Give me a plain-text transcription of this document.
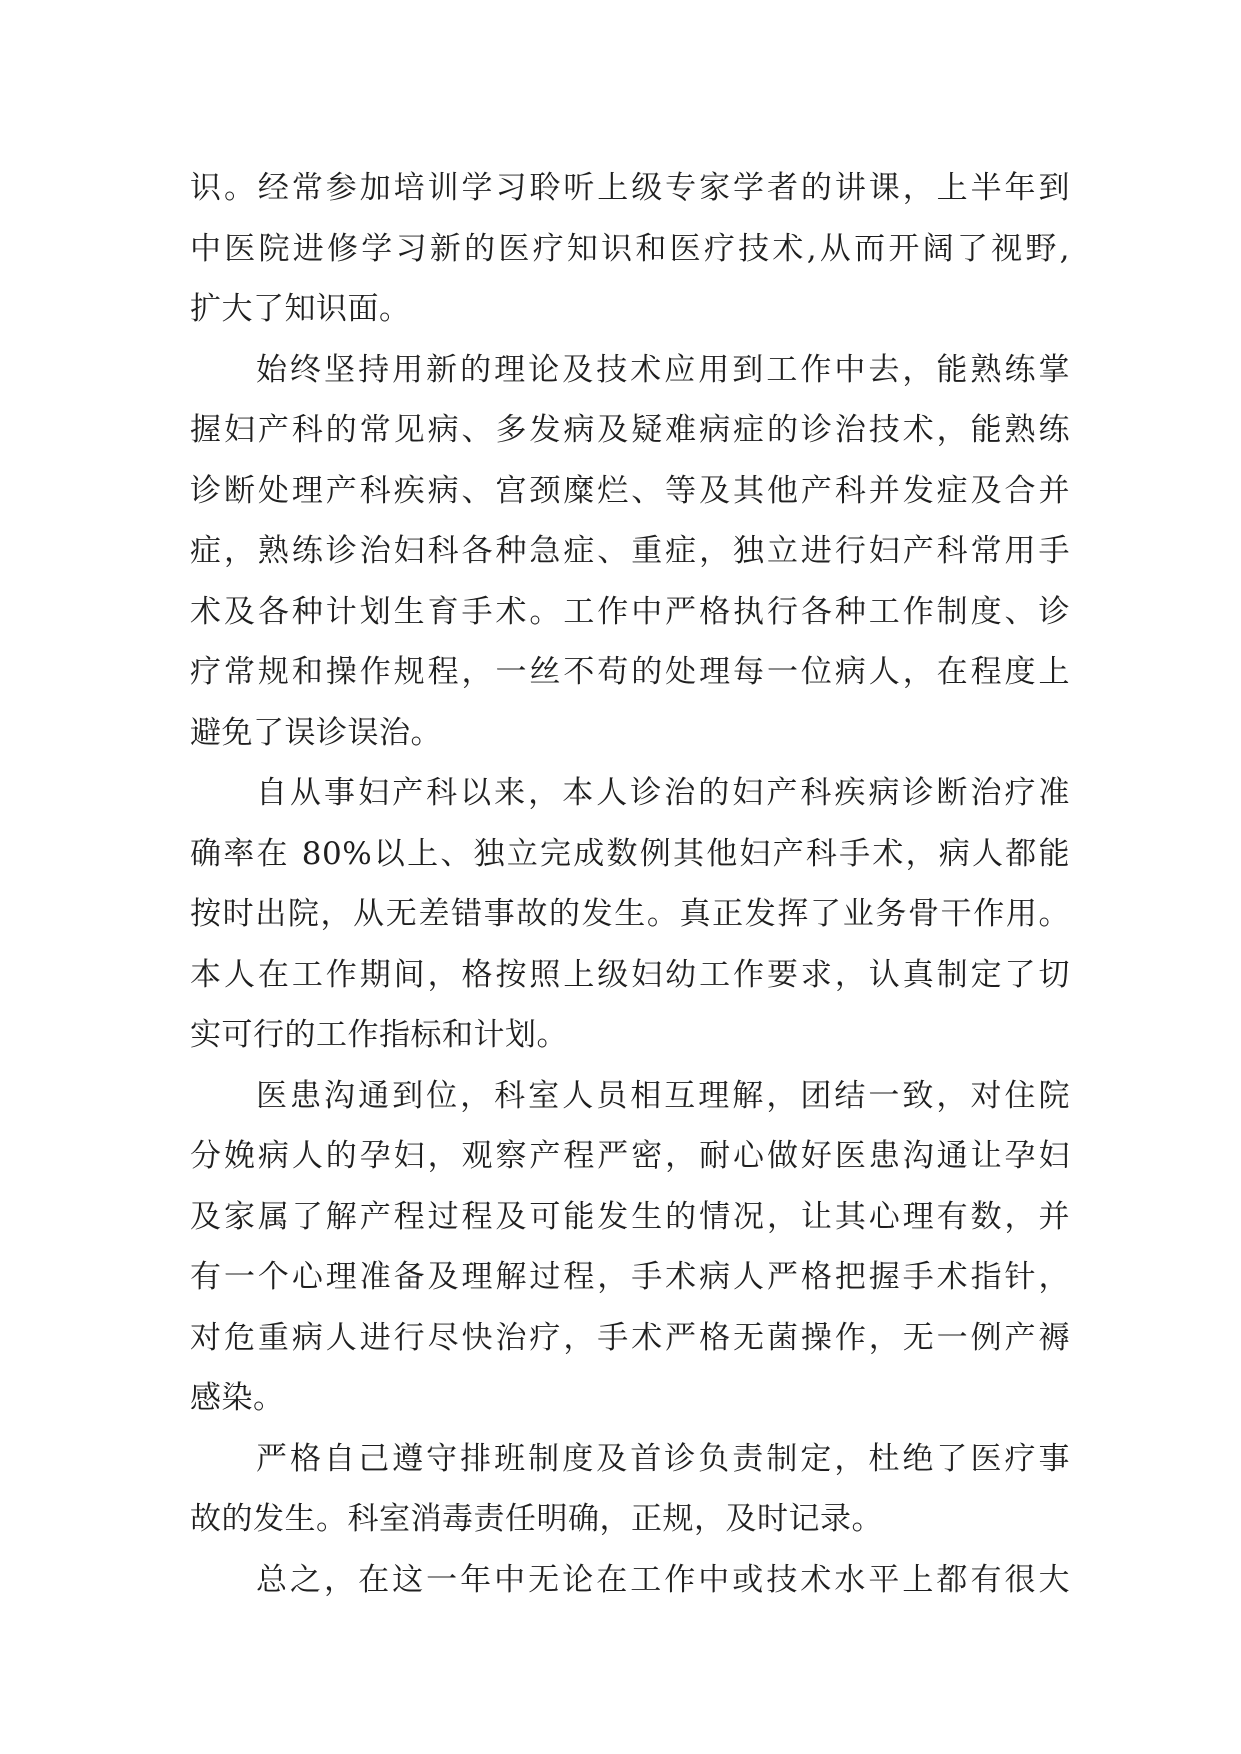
识。经常参加培训学习聆听上级专家学者的讲课，上半年到
中医院进修学习新的医疗知识和医疗技术,从而开阔了视野,
扩大了知识面。
始终坚持用新的理论及技术应用到工作中去，能熟练掌
握妇产科的常见病、多发病及疑难病症的诊治技术，能熟练
诊断处理产科疾病、宫颈糜烂、等及其他产科并发症及合并
症，熟练诊治妇科各种急症、重症，独立进行妇产科常用手
术及各种计划生育手术。工作中严格执行各种工作制度、诊
疗常规和操作规程，一丝不苟的处理每一位病人，在程度上
避免了误诊误治。
自从事妇产科以来，本人诊治的妇产科疾病诊断治疗准
确率在 80%以上、独立完成数例其他妇产科手术，病人都能
按时出院，从无差错事故的发生。真正发挥了业务骨干作用。
本人在工作期间，格按照上级妇幼工作要求，认真制定了切
实可行的工作指标和计划。
医患沟通到位，科室人员相互理解，团结一致，对住院
分娩病人的孕妇，观察产程严密，耐心做好医患沟通让孕妇
及家属了解产程过程及可能发生的情况，让其心理有数，并
有一个心理准备及理解过程，手术病人严格把握手术指针，
对危重病人进行尽快治疗，手术严格无菌操作，无一例产褥
感染。
严格自己遵守排班制度及首诊负责制定，杜绝了医疗事
故的发生。科室消毒责任明确，正规，及时记录。
总之，在这一年中无论在工作中或技术水平上都有很大
